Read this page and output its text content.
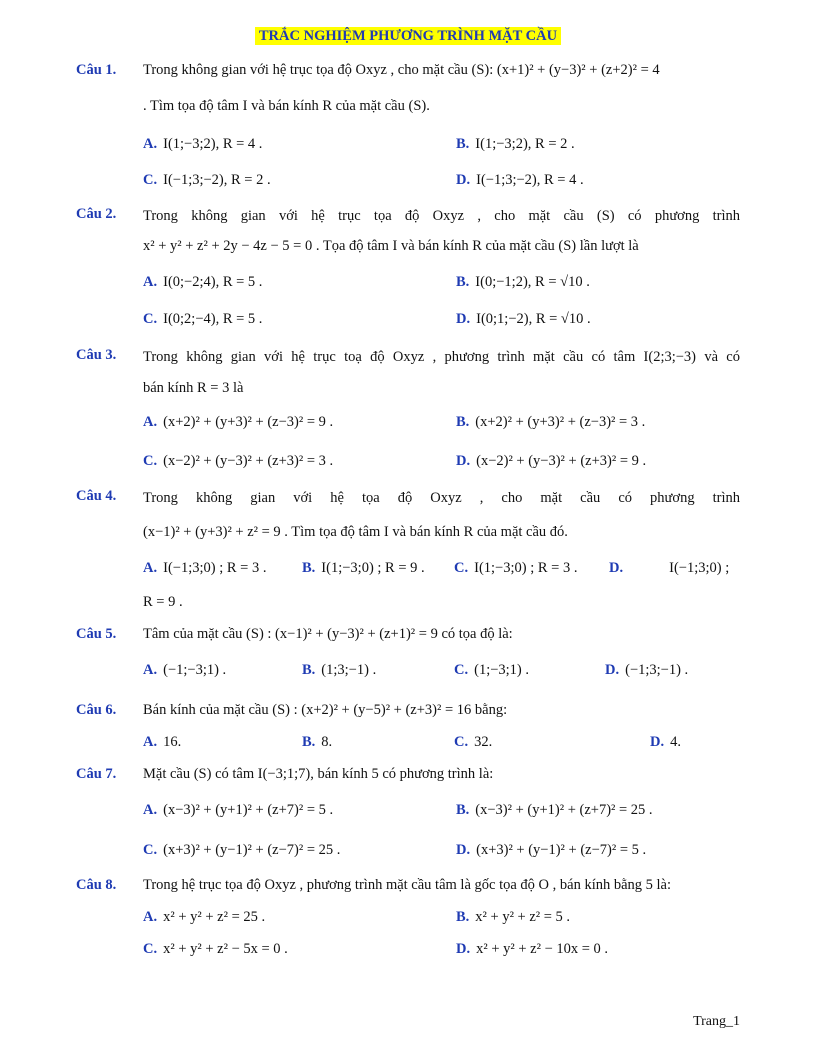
TRẮC NGHIỆM PHƯƠNG TRÌNH MẶT CẦU
Câu 1. Trong không gian với hệ trục tọa độ Oxyz , cho mặt cầu (S): (x+1)² + (y−3)² + (z+2)² = 4
. Tìm tọa độ tâm I và bán kính R của mặt cầu (S).
A. I(1;−3;2), R = 4 .	B. I(1;−3;2), R = 2 .
C. I(−1;3;−2), R = 2 .	D. I(−1;3;−2), R = 4 .
Câu 2. Trong không gian với hệ trục tọa độ Oxyz , cho mặt cầu (S) có phương trình
x² + y² + z² + 2y − 4z − 5 = 0 . Tọa độ tâm I và bán kính R của mặt cầu (S) lần lượt là
A. I(0;−2;4), R = 5 .	B. I(0;−1;2), R = √10 .
C. I(0;2;−4), R = 5 .	D. I(0;1;−2), R = √10 .
Câu 3. Trong không gian với hệ trục toạ độ Oxyz , phương trình mặt cầu có tâm I(2;3;−3) và có
bán kính R = 3 là
A. (x+2)² + (y+3)² + (z−3)² = 9 .	B. (x+2)² + (y+3)² + (z−3)² = 3 .
C. (x−2)² + (y−3)² + (z+3)² = 3 .	D. (x−2)² + (y−3)² + (z+3)² = 9 .
Câu 4. Trong không gian với hệ tọa độ Oxyz , cho mặt cầu có phương trình
(x−1)² + (y+3)² + z² = 9 . Tìm tọa độ tâm I và bán kính R của mặt cầu đó.
A. I(−1;3;0) ; R = 3 . B. I(1;−3;0) ; R = 9 . C. I(1;−3;0) ; R = 3 . D.	I(−1;3;0) ;
R = 9 .
Câu 5. Tâm của mặt cầu (S) : (x−1)² + (y−3)² + (z+1)² = 9 có tọa độ là:
A. (−1;−3;1) .	B. (1;3;−1) .	C. (1;−3;1) .	D. (−1;3;−1) .
Câu 6. Bán kính của mặt cầu (S) : (x+2)² + (y−5)² + (z+3)² = 16 bằng:
A. 16.	B. 8.	C. 32.	D. 4.
Câu 7. Mặt cầu (S) có tâm I(−3;1;7), bán kính 5 có phương trình là:
A. (x−3)² + (y+1)² + (z+7)² = 5 .	B. (x−3)² + (y+1)² + (z+7)² = 25 .
C. (x+3)² + (y−1)² + (z−7)² = 25 .	D. (x+3)² + (y−1)² + (z−7)² = 5 .
Câu 8. Trong hệ trục tọa độ Oxyz , phương trình mặt cầu tâm là gốc tọa độ O , bán kính bằng 5 là:
A. x² + y² + z² = 25 .	B. x² + y² + z² = 5 .
C. x² + y² + z² − 5x = 0 .	D. x² + y² + z² − 10x = 0 .
Trang_1
